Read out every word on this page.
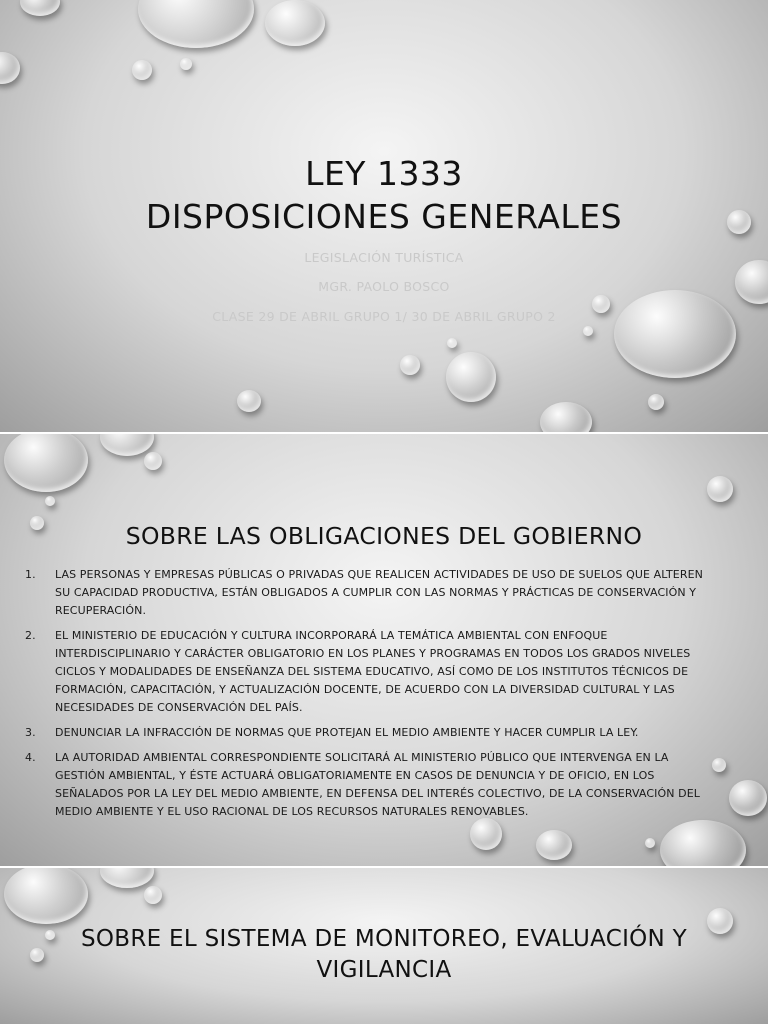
LEY 1333
DISPOSICIONES GENERALES
LEGISLACIÓN TURÍSTICA
MGR. PAOLO BOSCO
CLASE 29 DE ABRIL GRUPO 1/ 30 DE ABRIL GRUPO 2
SOBRE LAS OBLIGACIONES DEL GOBIERNO
1. LAS PERSONAS Y EMPRESAS PÚBLICAS O PRIVADAS QUE REALICEN ACTIVIDADES DE USO DE SUELOS QUE ALTEREN SU CAPACIDAD PRODUCTIVA, ESTÁN OBLIGADOS A CUMPLIR CON LAS NORMAS Y PRÁCTICAS DE CONSERVACIÓN Y RECUPERACIÓN.
2. EL MINISTERIO DE EDUCACIÓN Y CULTURA INCORPORARÁ LA TEMÁTICA AMBIENTAL CON ENFOQUE INTERDISCIPLINARIO Y CARÁCTER OBLIGATORIO EN LOS PLANES Y PROGRAMAS EN TODOS LOS GRADOS NIVELES CICLOS Y MODALIDADES DE ENSEÑANZA DEL SISTEMA EDUCATIVO, ASÍ COMO DE LOS INSTITUTOS TÉCNICOS DE FORMACIÓN, CAPACITACIÓN, Y ACTUALIZACIÓN DOCENTE, DE ACUERDO CON LA DIVERSIDAD CULTURAL Y LAS NECESIDADES DE CONSERVACIÓN DEL PAÍS.
3. DENUNCIAR LA INFRACCIÓN DE NORMAS QUE PROTEJAN EL MEDIO AMBIENTE Y HACER CUMPLIR LA LEY.
4. LA AUTORIDAD AMBIENTAL CORRESPONDIENTE SOLICITARÁ AL MINISTERIO PÚBLICO QUE INTERVENGA EN LA GESTIÓN AMBIENTAL, Y ÉSTE ACTUARÁ OBLIGATORIAMENTE EN CASOS DE DENUNCIA Y DE OFICIO, EN LOS SEÑALADOS POR LA LEY DEL MEDIO AMBIENTE, EN DEFENSA DEL INTERÉS COLECTIVO, DE LA CONSERVACIÓN DEL MEDIO AMBIENTE Y EL USO RACIONAL DE LOS RECURSOS NATURALES RENOVABLES.
SOBRE EL SISTEMA DE MONITOREO, EVALUACIÓN Y
VIGILANCIA
